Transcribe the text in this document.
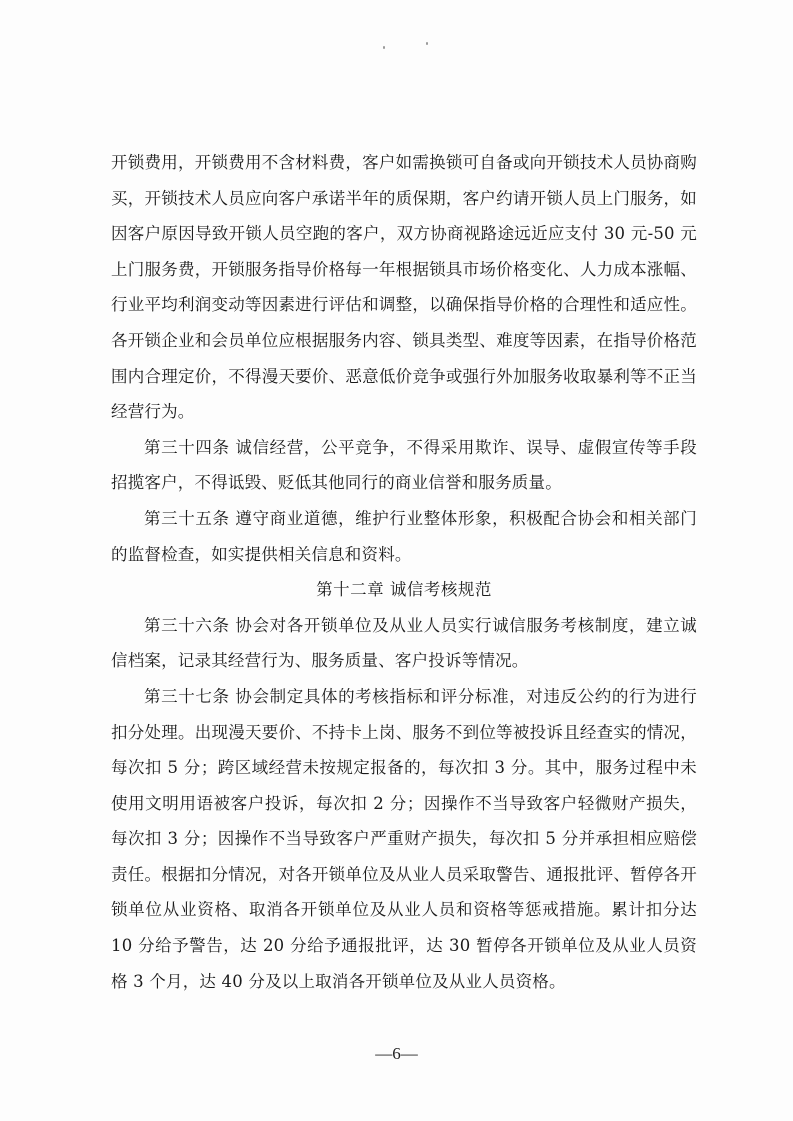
开锁费用，开锁费用不含材料费，客户如需换锁可自备或向开锁技术人员协商购买，开锁技术人员应向客户承诺半年的质保期，客户约请开锁人员上门服务，如因客户原因导致开锁人员空跑的客户，双方协商视路途远近应支付 30 元-50 元上门服务费，开锁服务指导价格每一年根据锁具市场价格变化、人力成本涨幅、行业平均利润变动等因素进行评估和调整，以确保指导价格的合理性和适应性。各开锁企业和会员单位应根据服务内容、锁具类型、难度等因素，在指导价格范围内合理定价，不得漫天要价、恶意低价竞争或强行外加服务收取暴利等不正当经营行为。

第三十四条 诚信经营，公平竞争，不得采用欺诈、误导、虚假宣传等手段招揽客户，不得诋毁、贬低其他同行的商业信誉和服务质量。

第三十五条 遵守商业道德，维护行业整体形象，积极配合协会和相关部门的监督检查，如实提供相关信息和资料。

第十二章 诚信考核规范

第三十六条 协会对各开锁单位及从业人员实行诚信服务考核制度，建立诚信档案，记录其经营行为、服务质量、客户投诉等情况。

第三十七条 协会制定具体的考核指标和评分标准，对违反公约的行为进行扣分处理。出现漫天要价、不持卡上岗、服务不到位等被投诉且经查实的情况，每次扣 5 分；跨区域经营未按规定报备的，每次扣 3 分。其中，服务过程中未使用文明用语被客户投诉，每次扣 2 分；因操作不当导致客户轻微财产损失，每次扣 3 分；因操作不当导致客户严重财产损失，每次扣 5 分并承担相应赔偿责任。根据扣分情况，对各开锁单位及从业人员采取警告、通报批评、暂停各开锁单位从业资格、取消各开锁单位及从业人员和资格等惩戒措施。累计扣分达 10 分给予警告，达 20 分给予通报批评，达 30 暂停各开锁单位及从业人员资格 3 个月，达 40 分及以上取消各开锁单位及从业人员资格。

—6—
